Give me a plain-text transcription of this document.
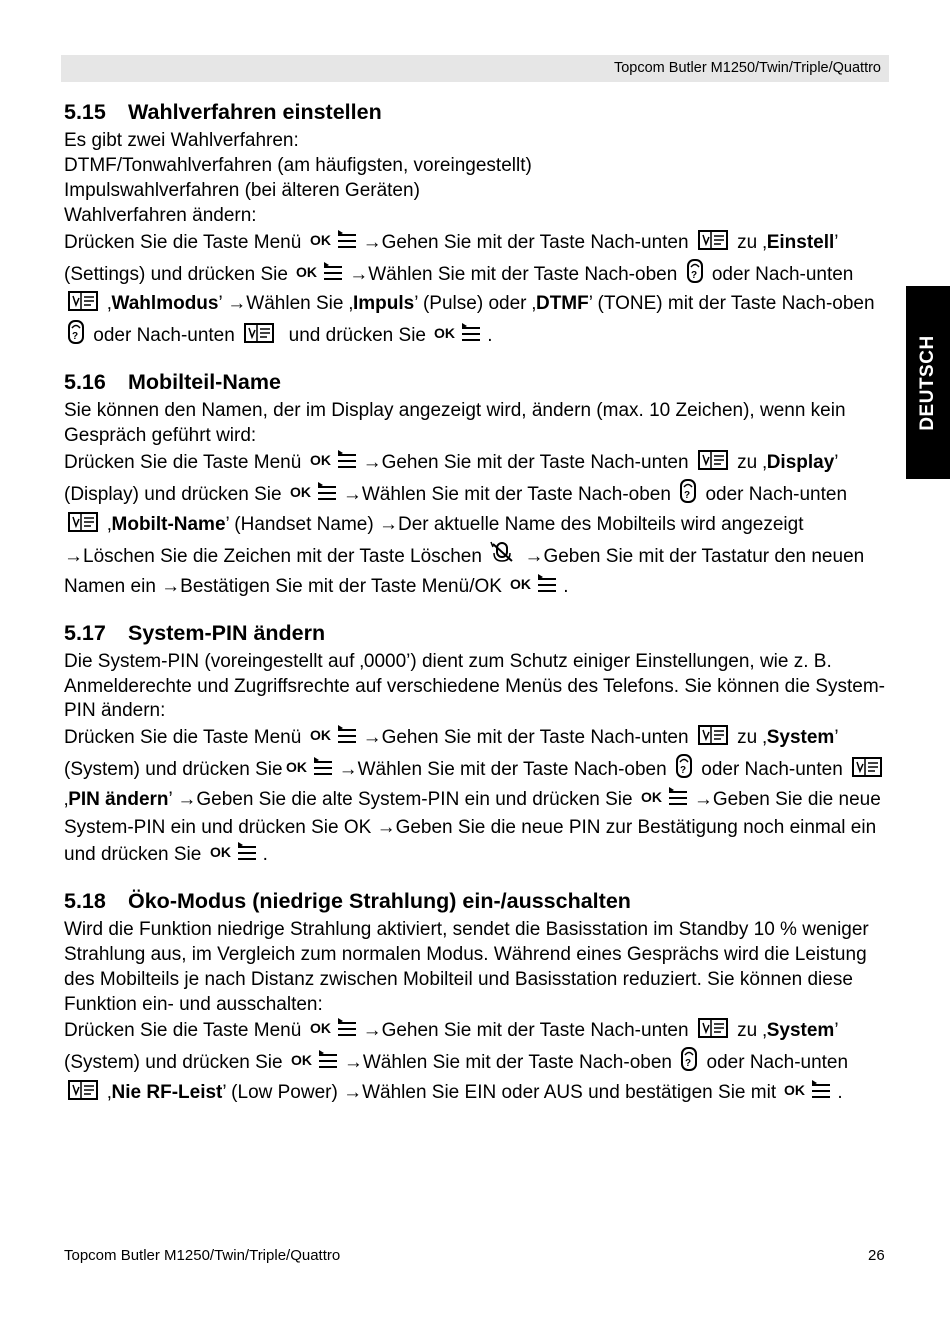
Topcom Butler M1250/Twin/Triple/Quattro
DEUTSCH
5.15 Wahlverfahren einstellen

Es gibt zwei Wahlverfahren:

DTMF/Tonwahlverfahren (am häufigsten, voreingestellt)

Impulswahlverfahren (bei älteren Geräten)

Wahlverfahren ändern:

Drücken Sie die Taste Menü OK →Gehen Sie mit der Taste Nach-unten	zu ‚Einstell’ (Settings) und drücken Sie OK →Wählen Sie mit der Taste Nach-oben ? oder Nach-unten  ‚Wahlmodus’ →Wählen Sie ‚Impuls’ (Pulse) oder ‚DTMF’ (TONE) mit der Taste Nach-oben
? oder Nach-unten	und drücken Sie OK .

5.16 Mobilteil-Name

Sie können den Namen, der im Display angezeigt wird, ändern (max. 10 Zeichen), wenn kein Gespräch geführt wird:

Drücken Sie die Taste Menü OK →Gehen Sie mit der Taste Nach-unten	zu ‚Display’ (Display) und drücken Sie OK →Wählen Sie mit der Taste Nach-oben ? oder Nach-unten  ‚Mobilt-Name’ (Handset Name) →Der aktuelle Name des Mobilteils wird angezeigt →Löschen Sie die Zeichen mit der Taste Löschen →Geben Sie mit der Tastatur den neuen Namen ein →Bestätigen Sie mit der Taste Menü/OK OK .

5.17 System-PIN ändern

Die System-PIN (voreingestellt auf ‚0000’) dient zum Schutz einiger Einstellungen, wie z. B. Anmelderechte und Zugriffsrechte auf verschiedene Menüs des Telefons. Sie können die System-PIN ändern:

Drücken Sie die Taste Menü OK →Gehen Sie mit der Taste Nach-unten	zu ‚System’ (System) und drücken Sie OK →Wählen Sie mit der Taste Nach-oben ? oder Nach-unten  ‚PIN ändern’ →Geben Sie die alte System-PIN ein und drücken Sie OK →Geben Sie die neue System-PIN ein und drücken Sie OK →Geben Sie die neue PIN zur Bestätigung noch einmal ein und drücken Sie OK .

5.18 Öko-Modus (niedrige Strahlung) ein-/ausschalten

Wird die Funktion niedrige Strahlung aktiviert, sendet die Basisstation im Standby 10 % weniger Strahlung aus, im Vergleich zum normalen Modus. Während eines Gesprächs wird die Leistung des Mobilteils je nach Distanz zwischen Mobilteil und Basisstation reduziert. Sie können diese Funktion ein- und ausschalten:

Drücken Sie die Taste Menü OK →Gehen Sie mit der Taste Nach-unten	zu ‚System’ (System) und drücken Sie OK →Wählen Sie mit der Taste Nach-oben ? oder Nach-unten  ‚Nie RF-Leist’ (Low Power) →Wählen Sie EIN oder AUS und bestätigen Sie mit OK .

Topcom Butler M1250/Twin/Triple/Quattro	26
